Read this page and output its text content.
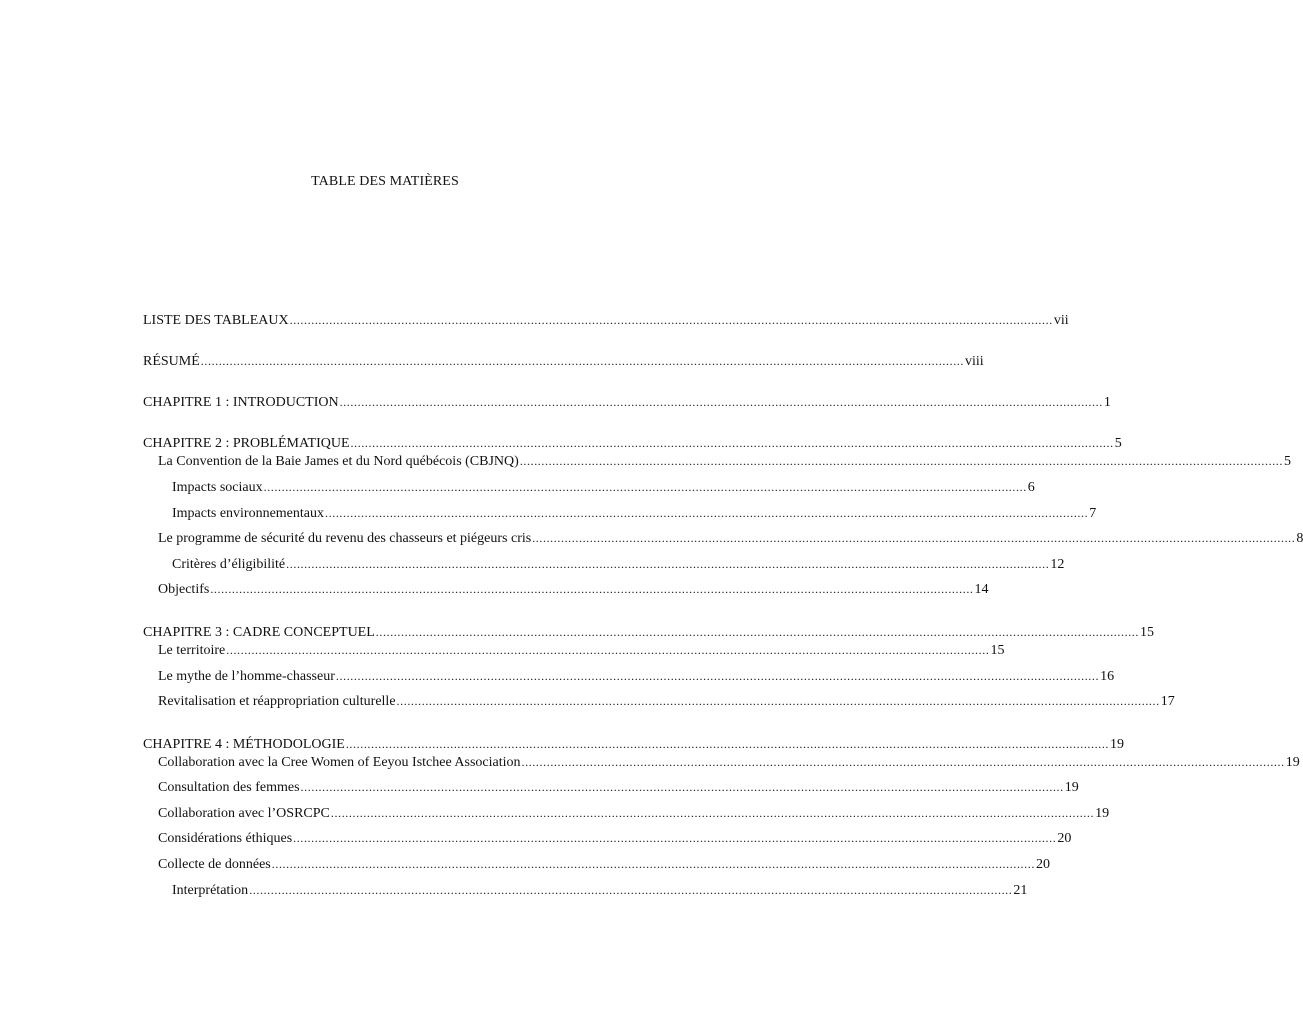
TABLE DES MATIÈRES
LISTE DES TABLEAUX .................................................................................................................................................................................................................... vii
RÉSUMÉ .................................................................................................................................................................................................................... viii
CHAPITRE 1 : INTRODUCTION .................................................................................................................................................................................................................... 1
CHAPITRE 2 : PROBLÉMATIQUE .................................................................................................................................................................................................................... 5
La Convention de la Baie James et du Nord québécois (CBJNQ) .................................................................................................................................................................................................................... 5
Impacts sociaux .................................................................................................................................................................................................................... 6
Impacts environnementaux .................................................................................................................................................................................................................... 7
Le programme de sécurité du revenu des chasseurs et piégeurs cris .................................................................................................................................................................................................................... 8
Critères d’éligibilité .................................................................................................................................................................................................................... 12
Objectifs .................................................................................................................................................................................................................... 14
CHAPITRE 3 : CADRE CONCEPTUEL .................................................................................................................................................................................................................... 15
Le territoire .................................................................................................................................................................................................................... 15
Le mythe de l’homme-chasseur .................................................................................................................................................................................................................... 16
Revitalisation et réappropriation culturelle .................................................................................................................................................................................................................... 17
CHAPITRE 4 : MÉTHODOLOGIE .................................................................................................................................................................................................................... 19
Collaboration avec la Cree Women of Eeyou Istchee Association .................................................................................................................................................................................................................... 19
Consultation des femmes .................................................................................................................................................................................................................... 19
Collaboration avec l’OSRCPC .................................................................................................................................................................................................................... 19
Considérations éthiques .................................................................................................................................................................................................................... 20
Collecte de données .................................................................................................................................................................................................................... 20
Interprétation .................................................................................................................................................................................................................... 21
